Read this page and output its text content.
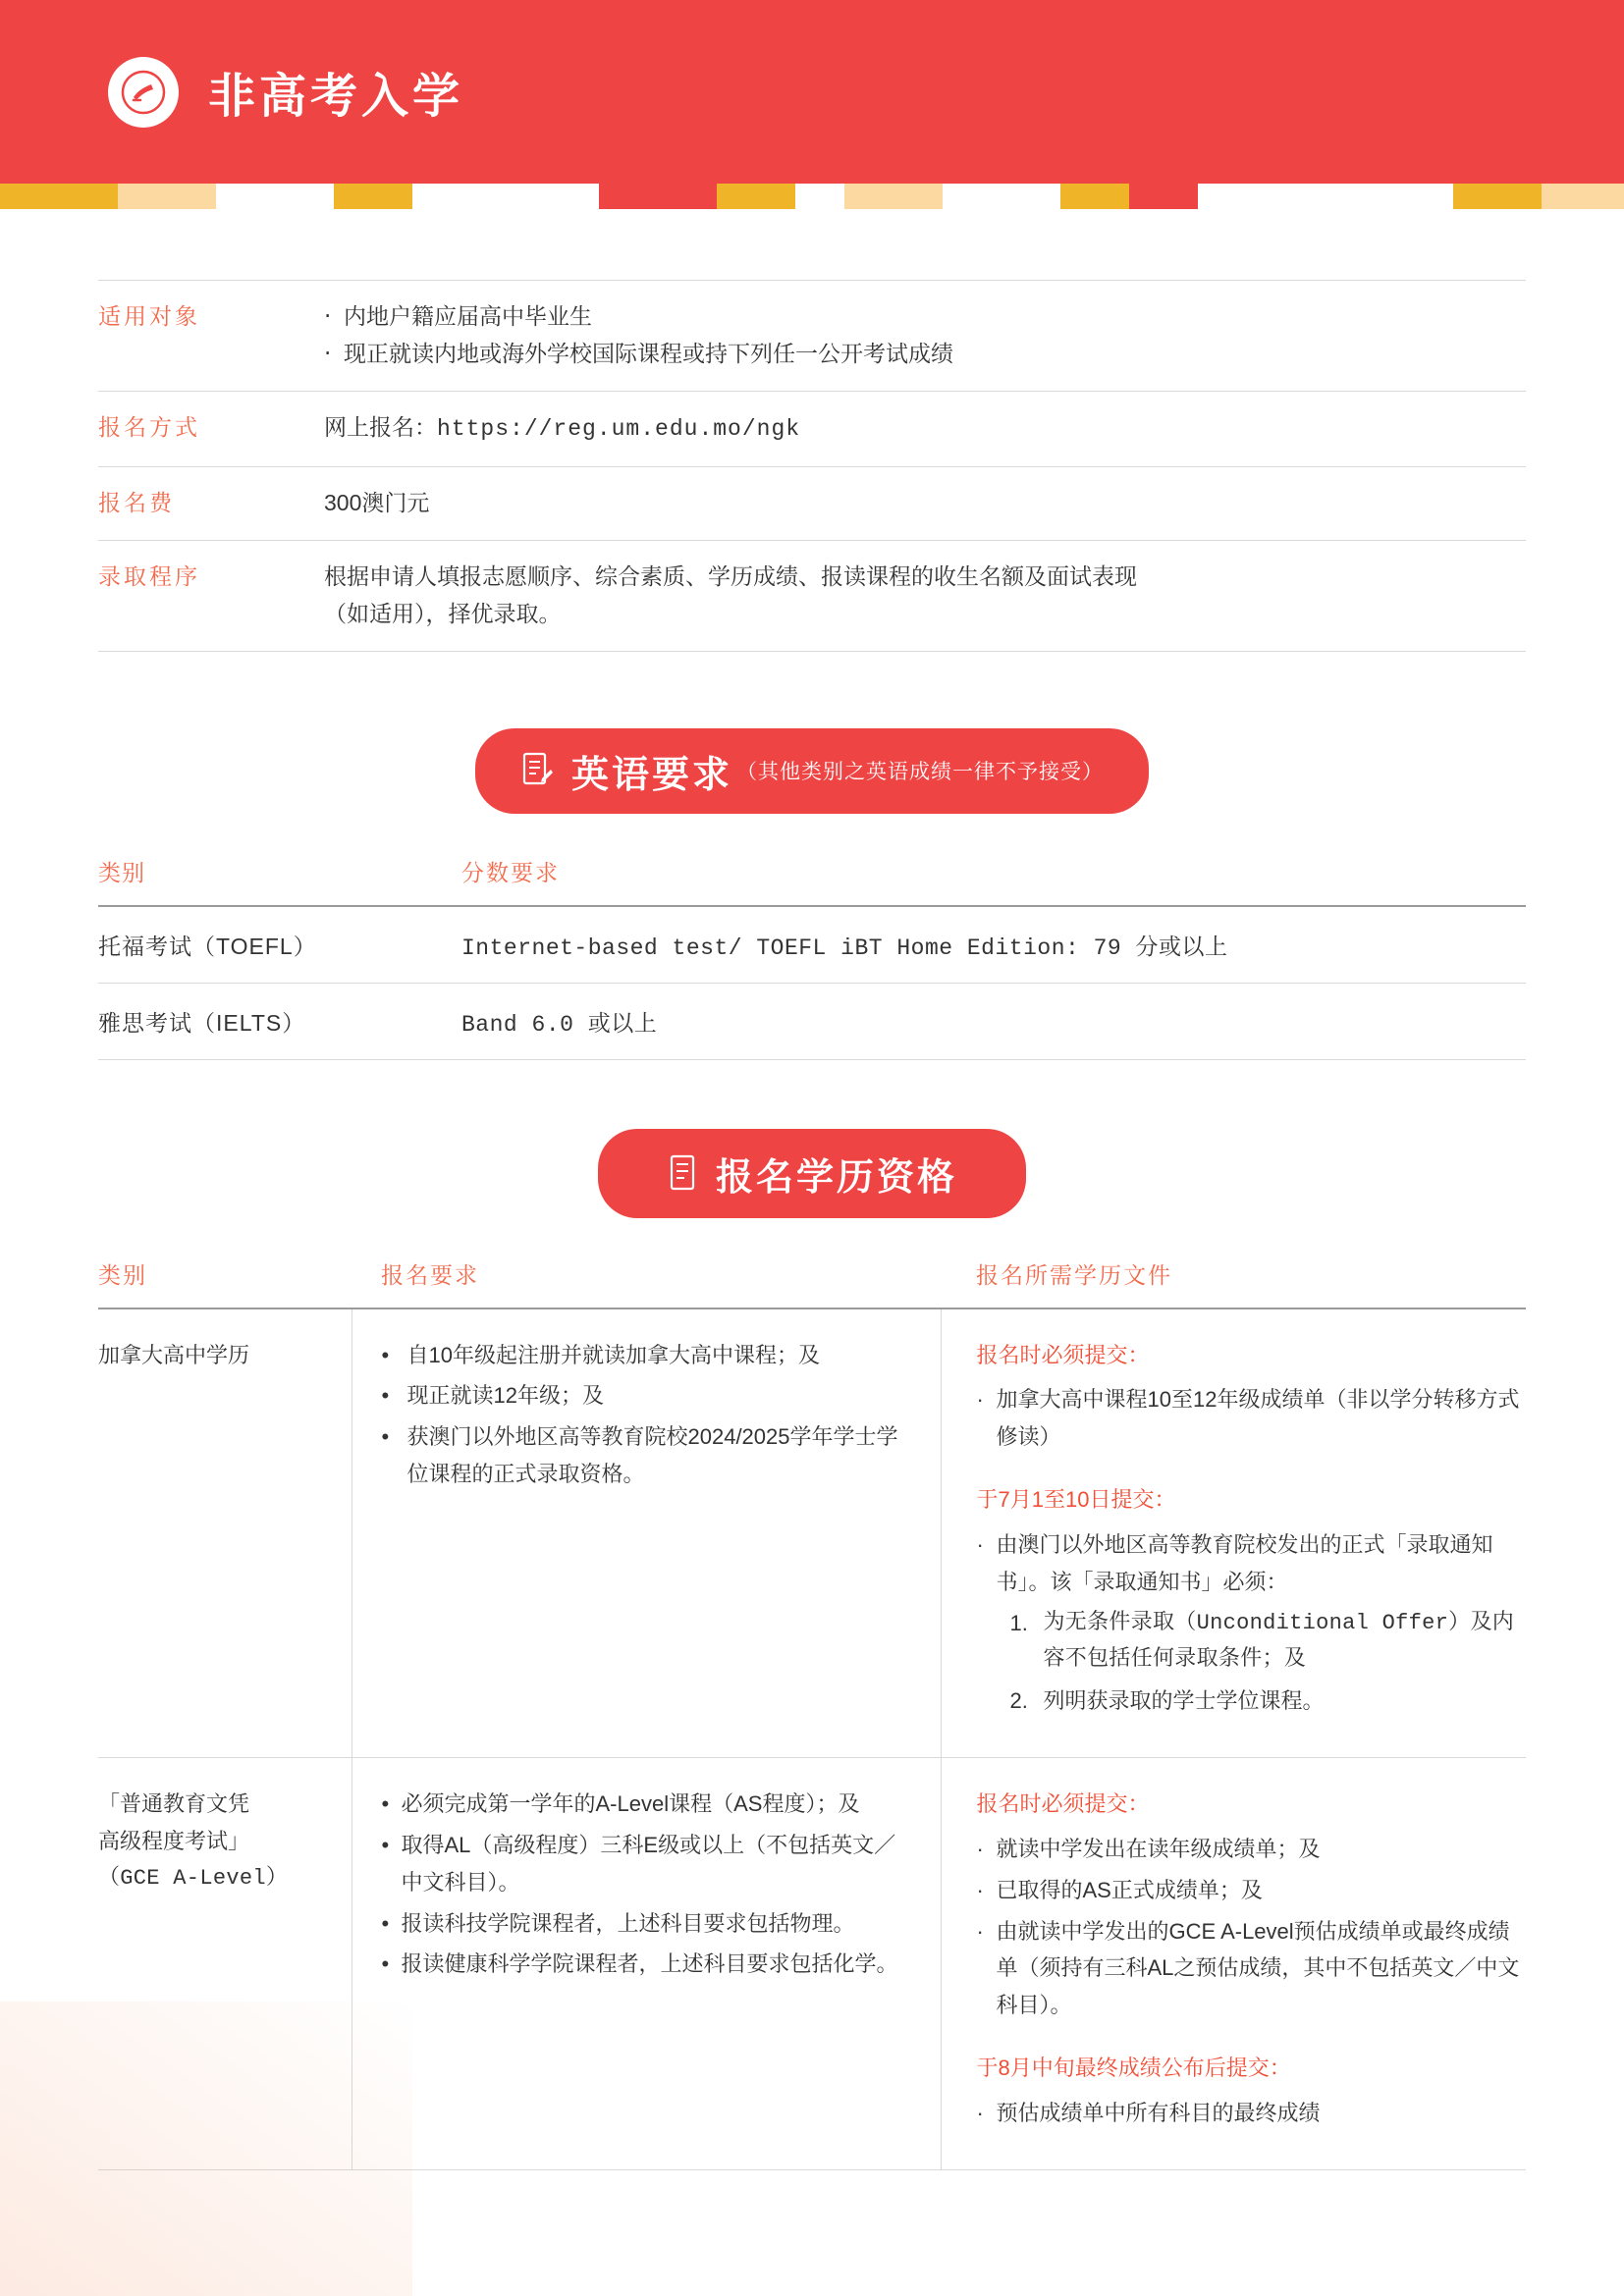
非高考入学
适用对象	‧ 内地户籍应届高中毕业生
‧ 现正就读内地或海外学校国际课程或持下列任一公开考试成绩

报名方式	网上报名：https://reg.um.edu.mo/ngk
报名费	300澳门元
录取程序	根据申请人填报志愿顺序、综合素质、学历成绩、报读课程的收生名额及面试表现
（如适用），择优录取。
英语要求 （其他类别之英语成绩一律不予接受）
类别	分数要求
托福考试（TOEFL）	Internet-based test/ TOEFL iBT Home Edition: 79 分或以上
雅思考试（IELTS）	Band 6.0 或以上
报名学历资格
类别	报名要求	报名所需学历文件

加拿大高中学历	• 自10年级起注册并就读加拿大高中课程；及
• 现正就读12年级；及
• 获澳门以外地区高等教育院校2024/2025学年学士学位课程的正式录取资格。

报名时必须提交：
· 加拿大高中课程10至12年级成绩单（非以学分转移方式修读）
于7月1至10日提交：
· 由澳门以外地区高等教育院校发出的正式「录取通知书」。该「录取通知书」必须：
1. 为无条件录取（Unconditional Offer）及内容不包括任何录取条件；及
2. 列明获录取的学士学位课程。

「普通教育文凭
高级程度考试」
（GCE A-Level）

• 必须完成第一学年的A-Level课程（AS程度）；及
• 取得AL（高级程度）三科E级或以上（不包括英文／中文科目）。
• 报读科技学院课程者，上述科目要求包括物理。
• 报读健康科学学院课程者，上述科目要求包括化学。

报名时必须提交：
· 就读中学发出在读年级成绩单；及
· 已取得的AS正式成绩单；及
· 由就读中学发出的GCE A-Level预估成绩单或最终成绩单（须持有三科AL之预估成绩，其中不包括英文／中文科目）。
于8月中旬最终成绩公布后提交：
· 预估成绩单中所有科目的最终成绩
